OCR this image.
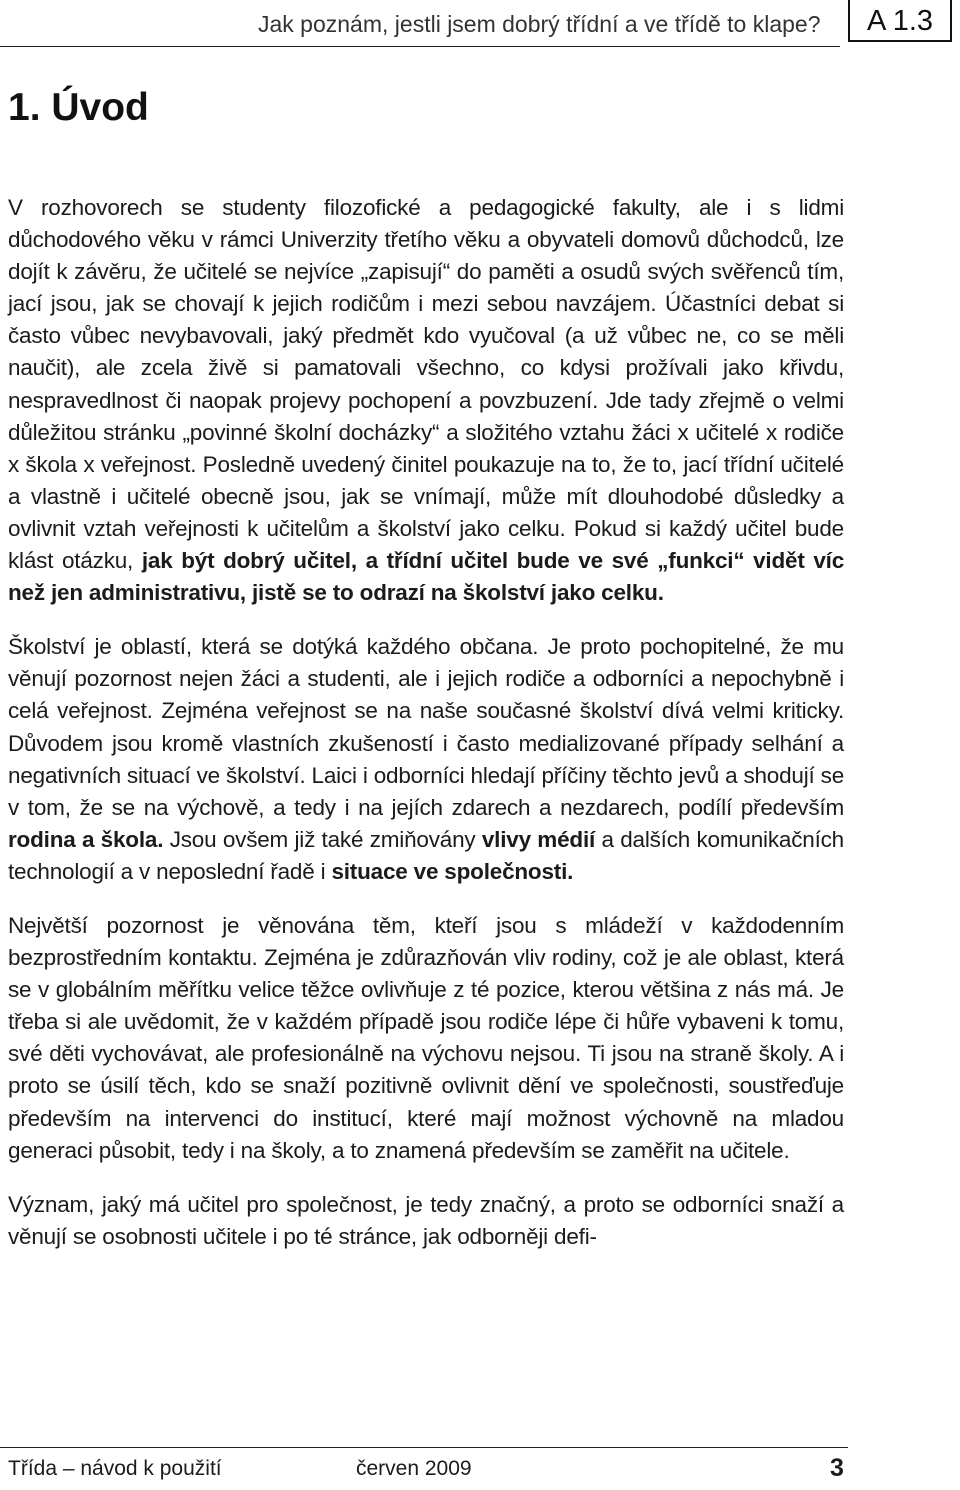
Jak poznám, jestli jsem dobrý třídní a ve třídě to klape?	A 1.3
1. Úvod

V rozhovorech se studenty filozofické a pedagogické fakulty, ale i s lidmi důchodového věku v rámci Univerzity třetího věku a obyvateli domovů důchodců, lze dojít k závěru, že učitelé se nejvíce „zapisují“ do paměti a osudů svých svěřenců tím, jací jsou, jak se chovají k jejich rodičům i mezi sebou navzájem. Účastníci debat si často vůbec nevybavovali, jaký předmět kdo vyučoval (a už vůbec ne, co se měli naučit), ale zcela živě si pamatovali všechno, co kdysi prožívali jako křivdu, nespravedlnost či naopak projevy pochopení a povzbuzení. Jde tady zřejmě o velmi důležitou stránku „povinné školní docházky“ a složitého vztahu žáci x učitelé x rodiče x škola x veřejnost. Posledně uvedený činitel poukazuje na to, že to, jací třídní učitelé a vlastně i učitelé obecně jsou, jak se vnímají, může mít dlouhodobé důsledky a ovlivnit vztah veřejnosti k učitelům a školství jako celku. Pokud si každý učitel bude klást otázku, jak být dobrý učitel, a třídní učitel bude ve své „funkci“ vidět víc než jen administrativu, jistě se to odrazí na školství jako celku.

Školství je oblastí, která se dotýká každého občana. Je proto pochopitelné, že mu věnují pozornost nejen žáci a studenti, ale i jejich rodiče a odborníci a nepochybně i celá veřejnost. Zejména veřejnost se na naše současné školství dívá velmi kriticky. Důvodem jsou kromě vlastních zkušeností i často medializované případy selhání a negativních situací ve školství. Laici i odborníci hledají příčiny těchto jevů a shodují se v tom, že se na výchově, a tedy i na jejích zdarech a nezdarech, podílí především rodina a škola. Jsou ovšem již také zmiňovány vlivy médií a dalších komunikačních technologií a v neposlední řadě i situace ve společnosti.

Největší pozornost je věnována těm, kteří jsou s mládeží v každodenním bezprostředním kontaktu. Zejména je zdůrazňován vliv rodiny, což je ale oblast, která se v globálním měřítku velice těžce ovlivňuje z té pozice, kterou většina z nás má. Je třeba si ale uvědomit, že v každém případě jsou rodiče lépe či hůře vybaveni k tomu, své děti vychovávat, ale profesionálně na výchovu nejsou. Ti jsou na straně školy. A i proto se úsilí těch, kdo se snaží pozitivně ovlivnit dění ve společnosti, soustřeďuje především na intervenci do institucí, které mají možnost výchovně na mladou generaci působit, tedy i na školy, a to znamená především se zaměřit na učitele.

Význam, jaký má učitel pro společnost, je tedy značný, a proto se odborníci snaží a věnují se osobnosti učitele i po té stránce, jak odborněji defi-

Třída – návod k použití	červen 2009	3
